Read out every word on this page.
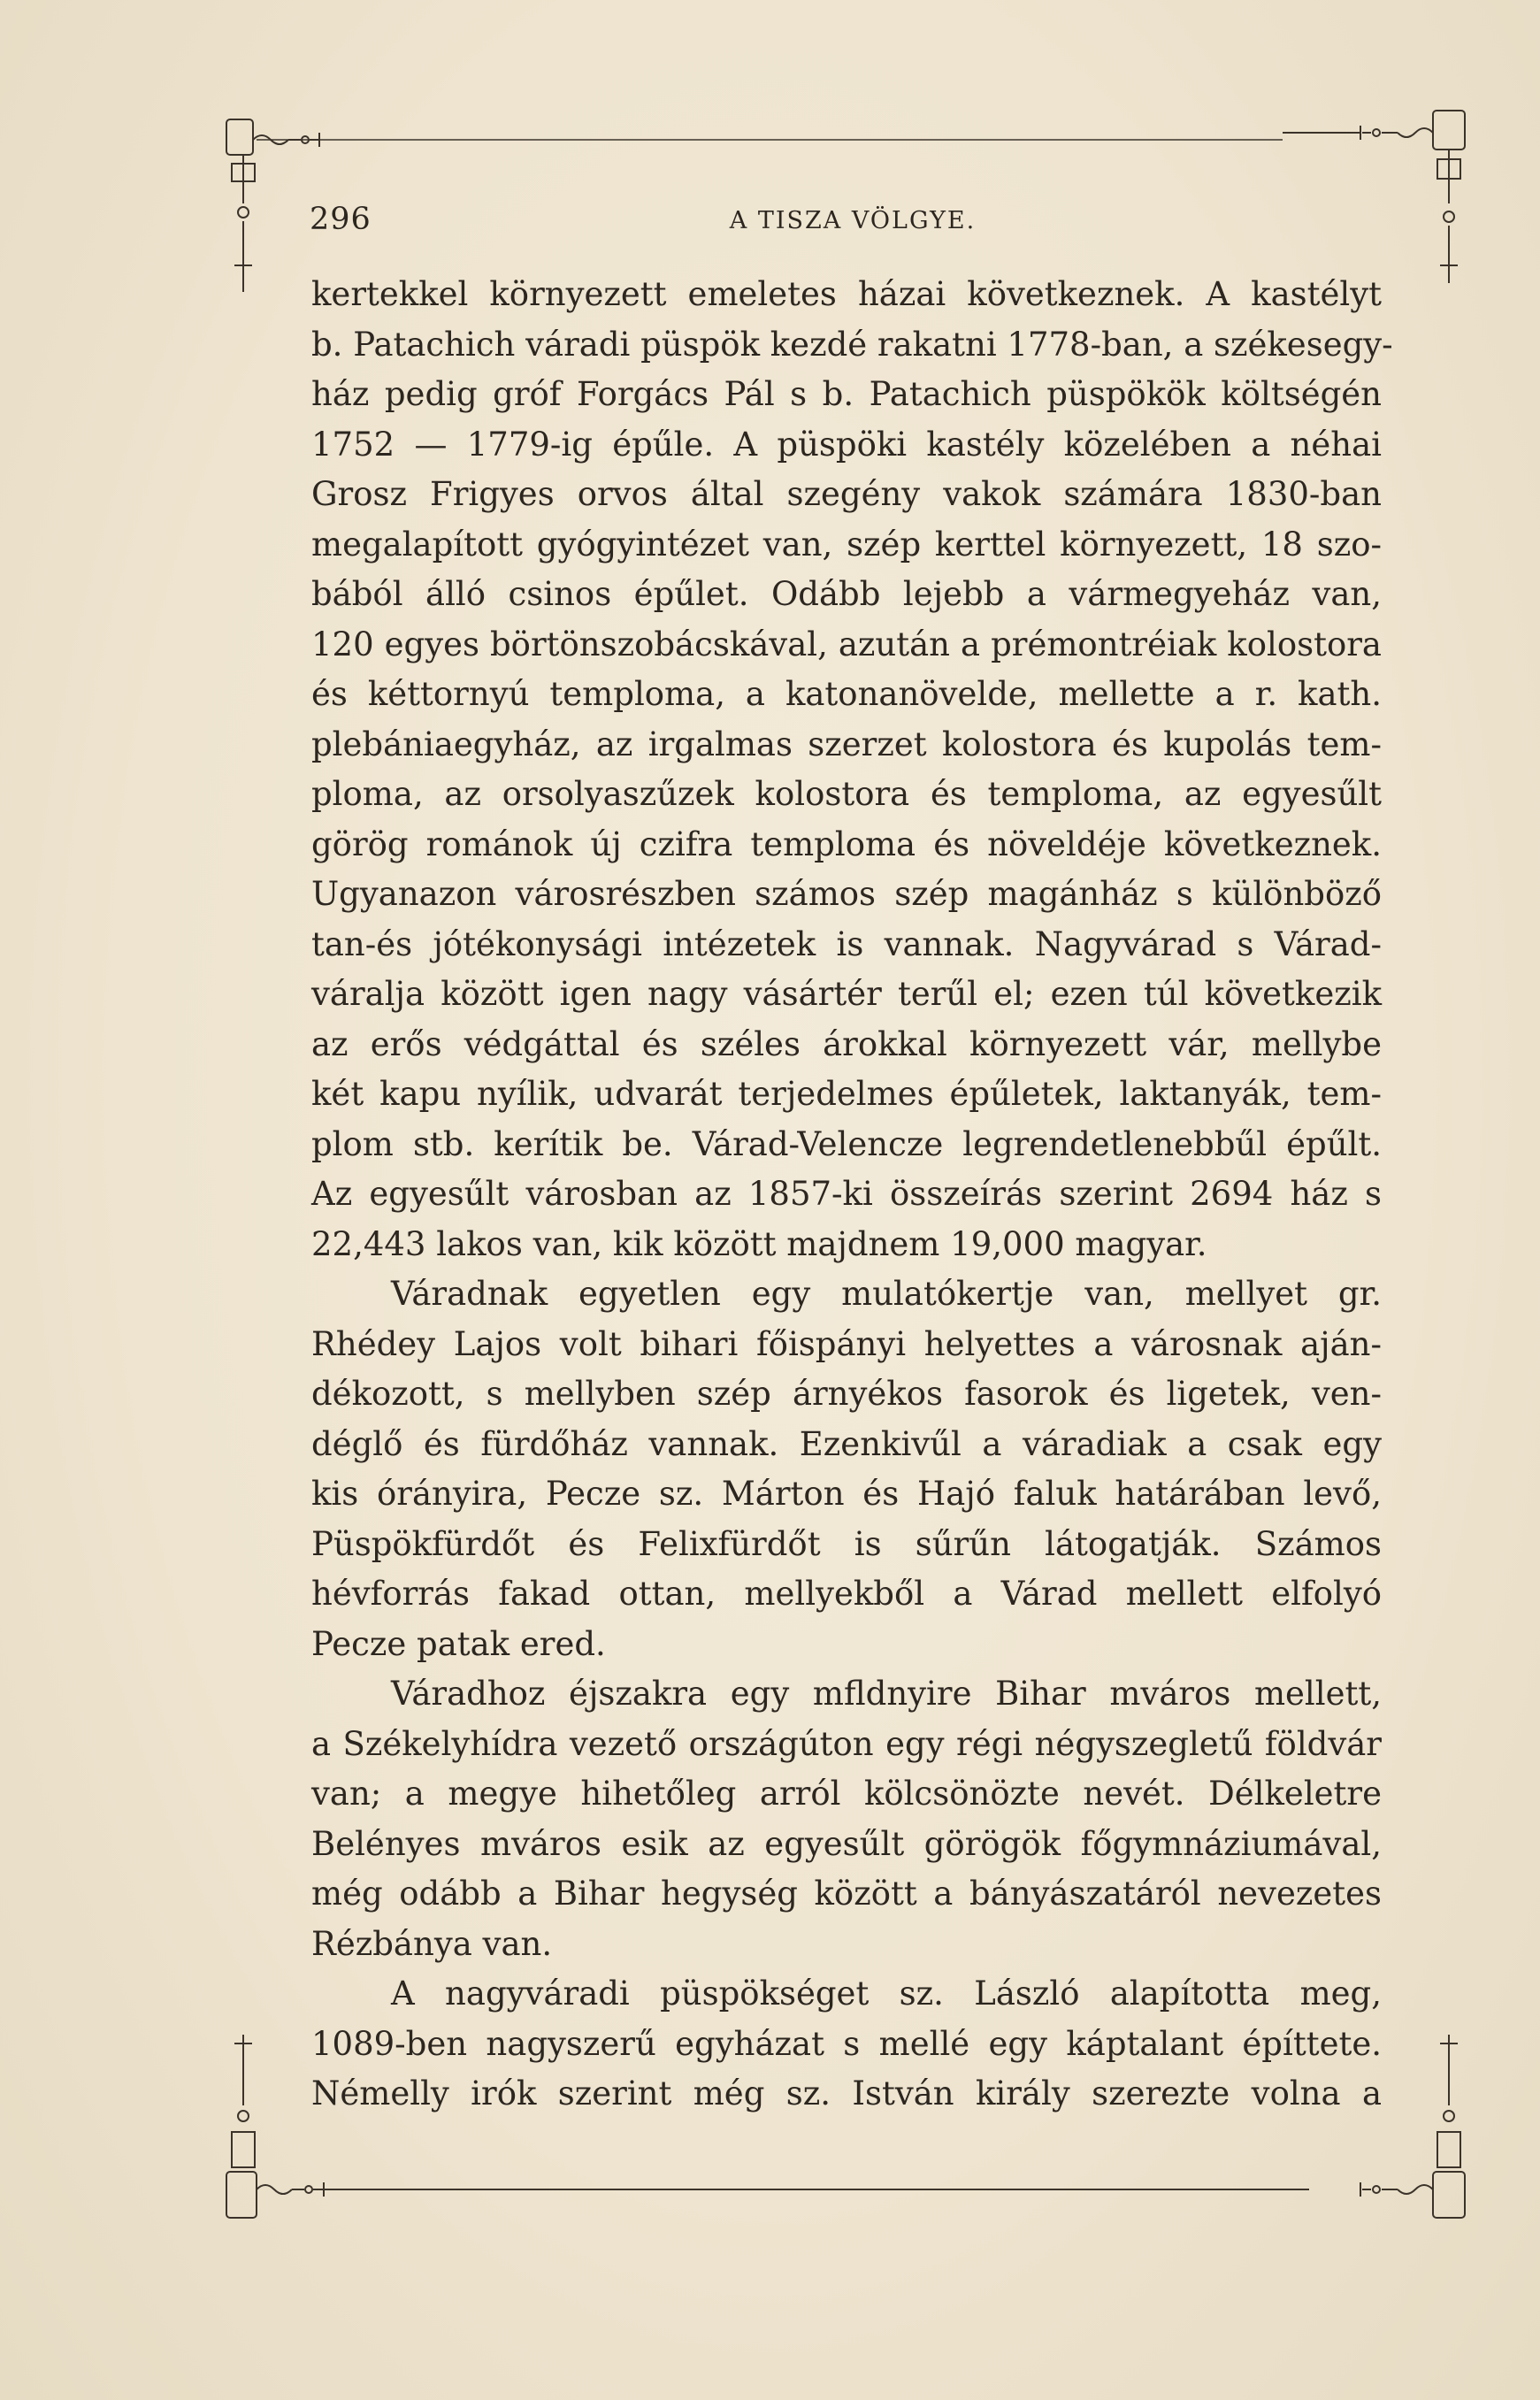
296	A TISZA VÖLGYE.
kertekkel környezett emeletes házai következnek. A kastélyt
b. Patachich váradi püspök kezdé rakatni 1778-ban, a székesegy-
ház pedig gróf Forgács Pál s b. Patachich püspökök költségén
1752 — 1779-ig épűle. A püspöki kastély közelében a néhai
Grosz Frigyes orvos által szegény vakok számára 1830-ban
megalapított gyógyintézet van, szép kerttel környezett, 18 szo-
bából álló csinos épűlet. Odább lejebb a vármegyeház van,
120 egyes börtönszobácskával, azután a prémontréiak kolostora
és kéttornyú temploma, a katonanövelde, mellette a r. kath.
plebániaegyház, az irgalmas szerzet kolostora és kupolás tem-
ploma, az orsolyaszűzek kolostora és temploma, az egyesűlt
görög románok új czifra temploma és növeldéje következnek.
Ugyanazon városrészben számos szép magánház s különböző
tan-és jótékonysági intézetek is vannak. Nagyvárad s Várad-
váralja között igen nagy vásártér terűl el; ezen túl következik
az erős védgáttal és széles árokkal környezett vár, mellybe
két kapu nyílik, udvarát terjedelmes épűletek, laktanyák, tem-
plom stb. kerítik be. Várad-Velencze legrendetlenebbűl épűlt.
Az egyesűlt városban az 1857-ki összeírás szerint 2694 ház s
22,443 lakos van, kik között majdnem 19,000 magyar.
Váradnak egyetlen egy mulatókertje van, mellyet gr.
Rhédey Lajos volt bihari főispányi helyettes a városnak aján-
dékozott, s mellyben szép árnyékos fasorok és ligetek, ven-
déglő és fürdőház vannak. Ezenkivűl a váradiak a csak egy
kis órányira, Pecze sz. Márton és Hajó faluk határában levő,
Püspökfürdőt és Felixfürdőt is sűrűn látogatják. Számos
hévforrás fakad ottan, mellyekből a Várad mellett elfolyó
Pecze patak ered.
Váradhoz éjszakra egy mfldnyire Bihar mváros mellett,
a Székelyhídra vezető országúton egy régi négyszegletű földvár
van; a megye hihetőleg arról kölcsönözte nevét. Délkeletre
Belényes mváros esik az egyesűlt görögök főgymnáziumával,
még odább a Bihar hegység között a bányászatáról nevezetes
Rézbánya van.
A nagyváradi püspökséget sz. László alapította meg,
1089-ben nagyszerű egyházat s mellé egy káptalant építtete.
Némelly irók szerint még sz. István király szerezte volna a
